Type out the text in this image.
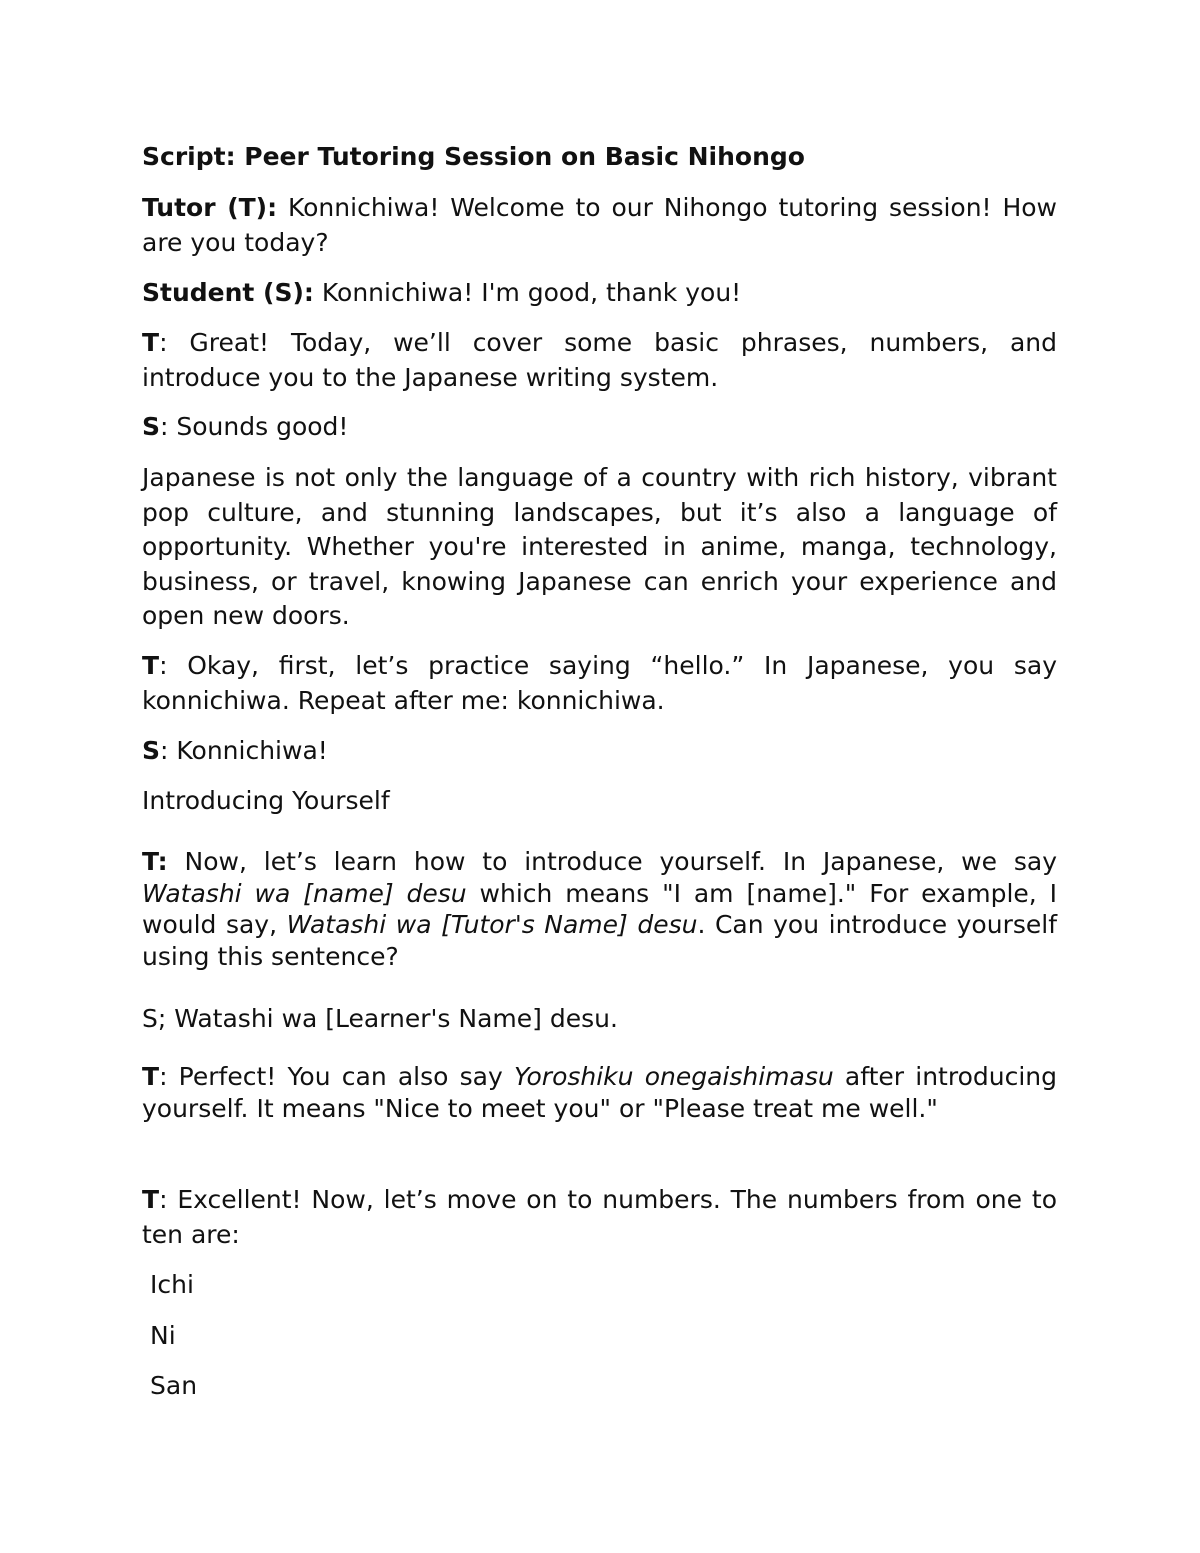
Script: Peer Tutoring Session on Basic Nihongo

Tutor (T): Konnichiwa! Welcome to our Nihongo tutoring session! How are you today?

Student (S): Konnichiwa! I'm good, thank you!

T: Great! Today, we’ll cover some basic phrases, numbers, and introduce you to the Japanese writing system.

S: Sounds good!

Japanese is not only the language of a country with rich history, vibrant pop culture, and stunning landscapes, but it’s also a language of opportunity. Whether you're interested in anime, manga, technology, business, or travel, knowing Japanese can enrich your experience and open new doors.

T: Okay, first, let’s practice saying “hello.” In Japanese, you say konnichiwa. Repeat after me: konnichiwa.

S: Konnichiwa!

Introducing Yourself

T: Now, let’s learn how to introduce yourself. In Japanese, we say Watashi wa [name] desu which means "I am [name]." For example, I would say, Watashi wa [Tutor's Name] desu. Can you introduce yourself using this sentence?

S; Watashi wa [Learner's Name] desu.

T: Perfect! You can also say Yoroshiku onegaishimasu after introducing yourself. It means "Nice to meet you" or "Please treat me well."

T: Excellent! Now, let’s move on to numbers. The numbers from one to ten are:

Ichi

Ni

San
